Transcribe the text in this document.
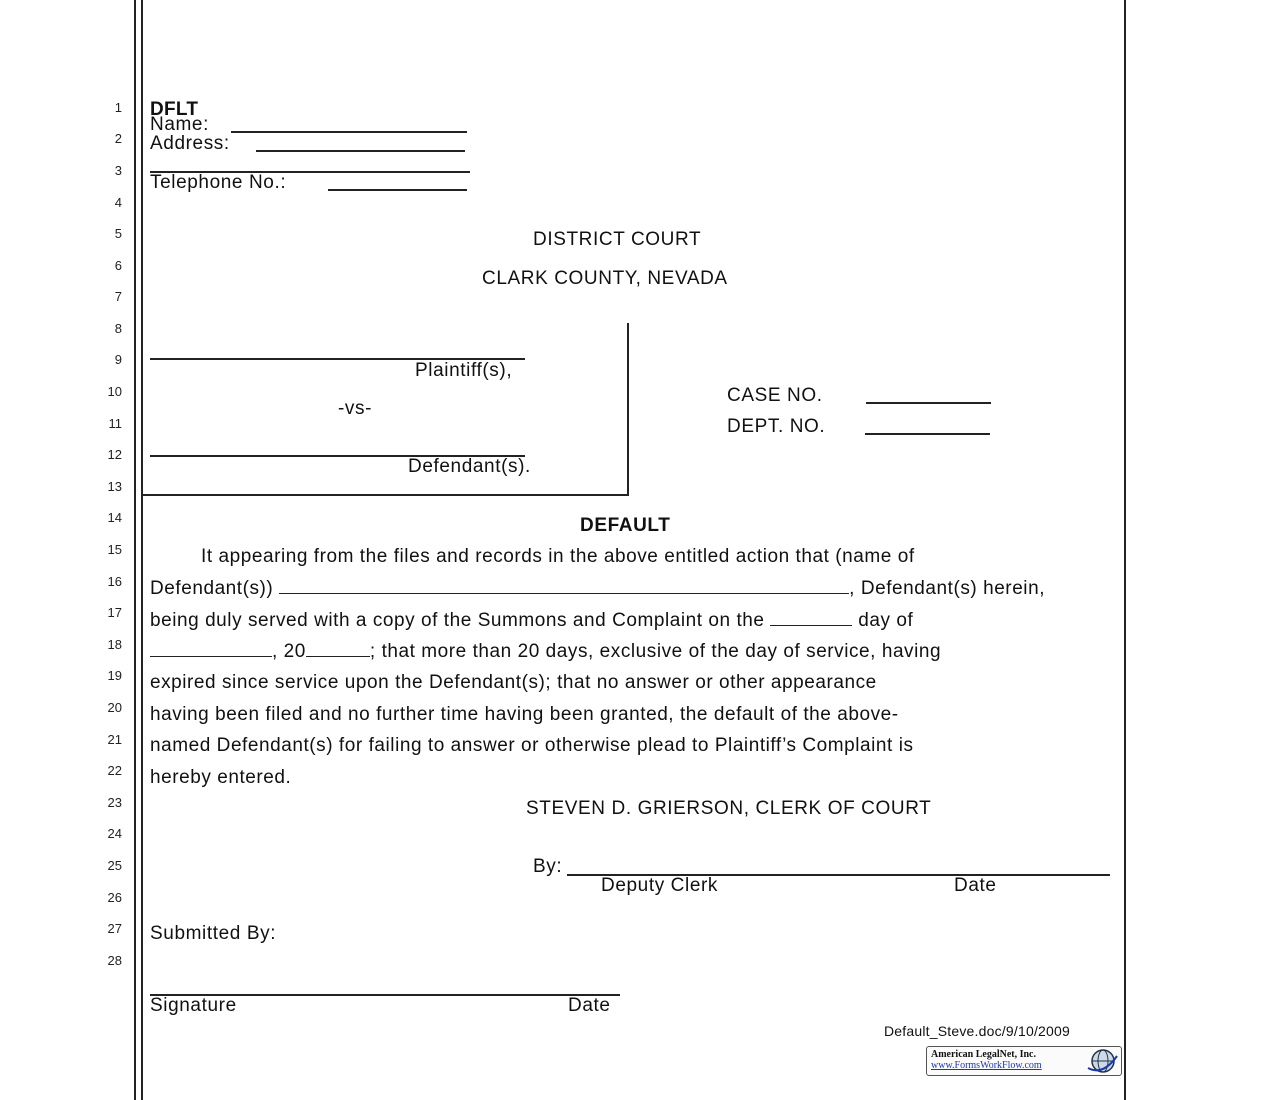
1
2
3
4
5
6
7
8
9
10
11
12
13
14
15
16
17
18
19
20
21
22
23
24
25
26
27
28
DFLT
Name:
Address:
Telephone No.:
DISTRICT COURT
CLARK COUNTY, NEVADA
Plaintiff(s),
-vs-
Defendant(s).
CASE NO.
DEPT. NO.
DEFAULT
It appearing from the files and records in the above entitled action that (name of
Defendant(s))	, Defendant(s) herein,
being duly served with a copy of the Summons and Complaint on the	day of
, 20	; that more than 20 days, exclusive of the day of service, having
expired since service upon the Defendant(s); that no answer or other appearance
having been filed and no further time having been granted, the default of the above-
named Defendant(s) for failing to answer or otherwise plead to Plaintiff’s Complaint is
hereby entered.
STEVEN D. GRIERSON, CLERK OF COURT
By:
Deputy Clerk	Date
Submitted By:
Signature	Date
Default_Steve.doc/9/10/2009
American LegalNet, Inc.
www.FormsWorkFlow.com
